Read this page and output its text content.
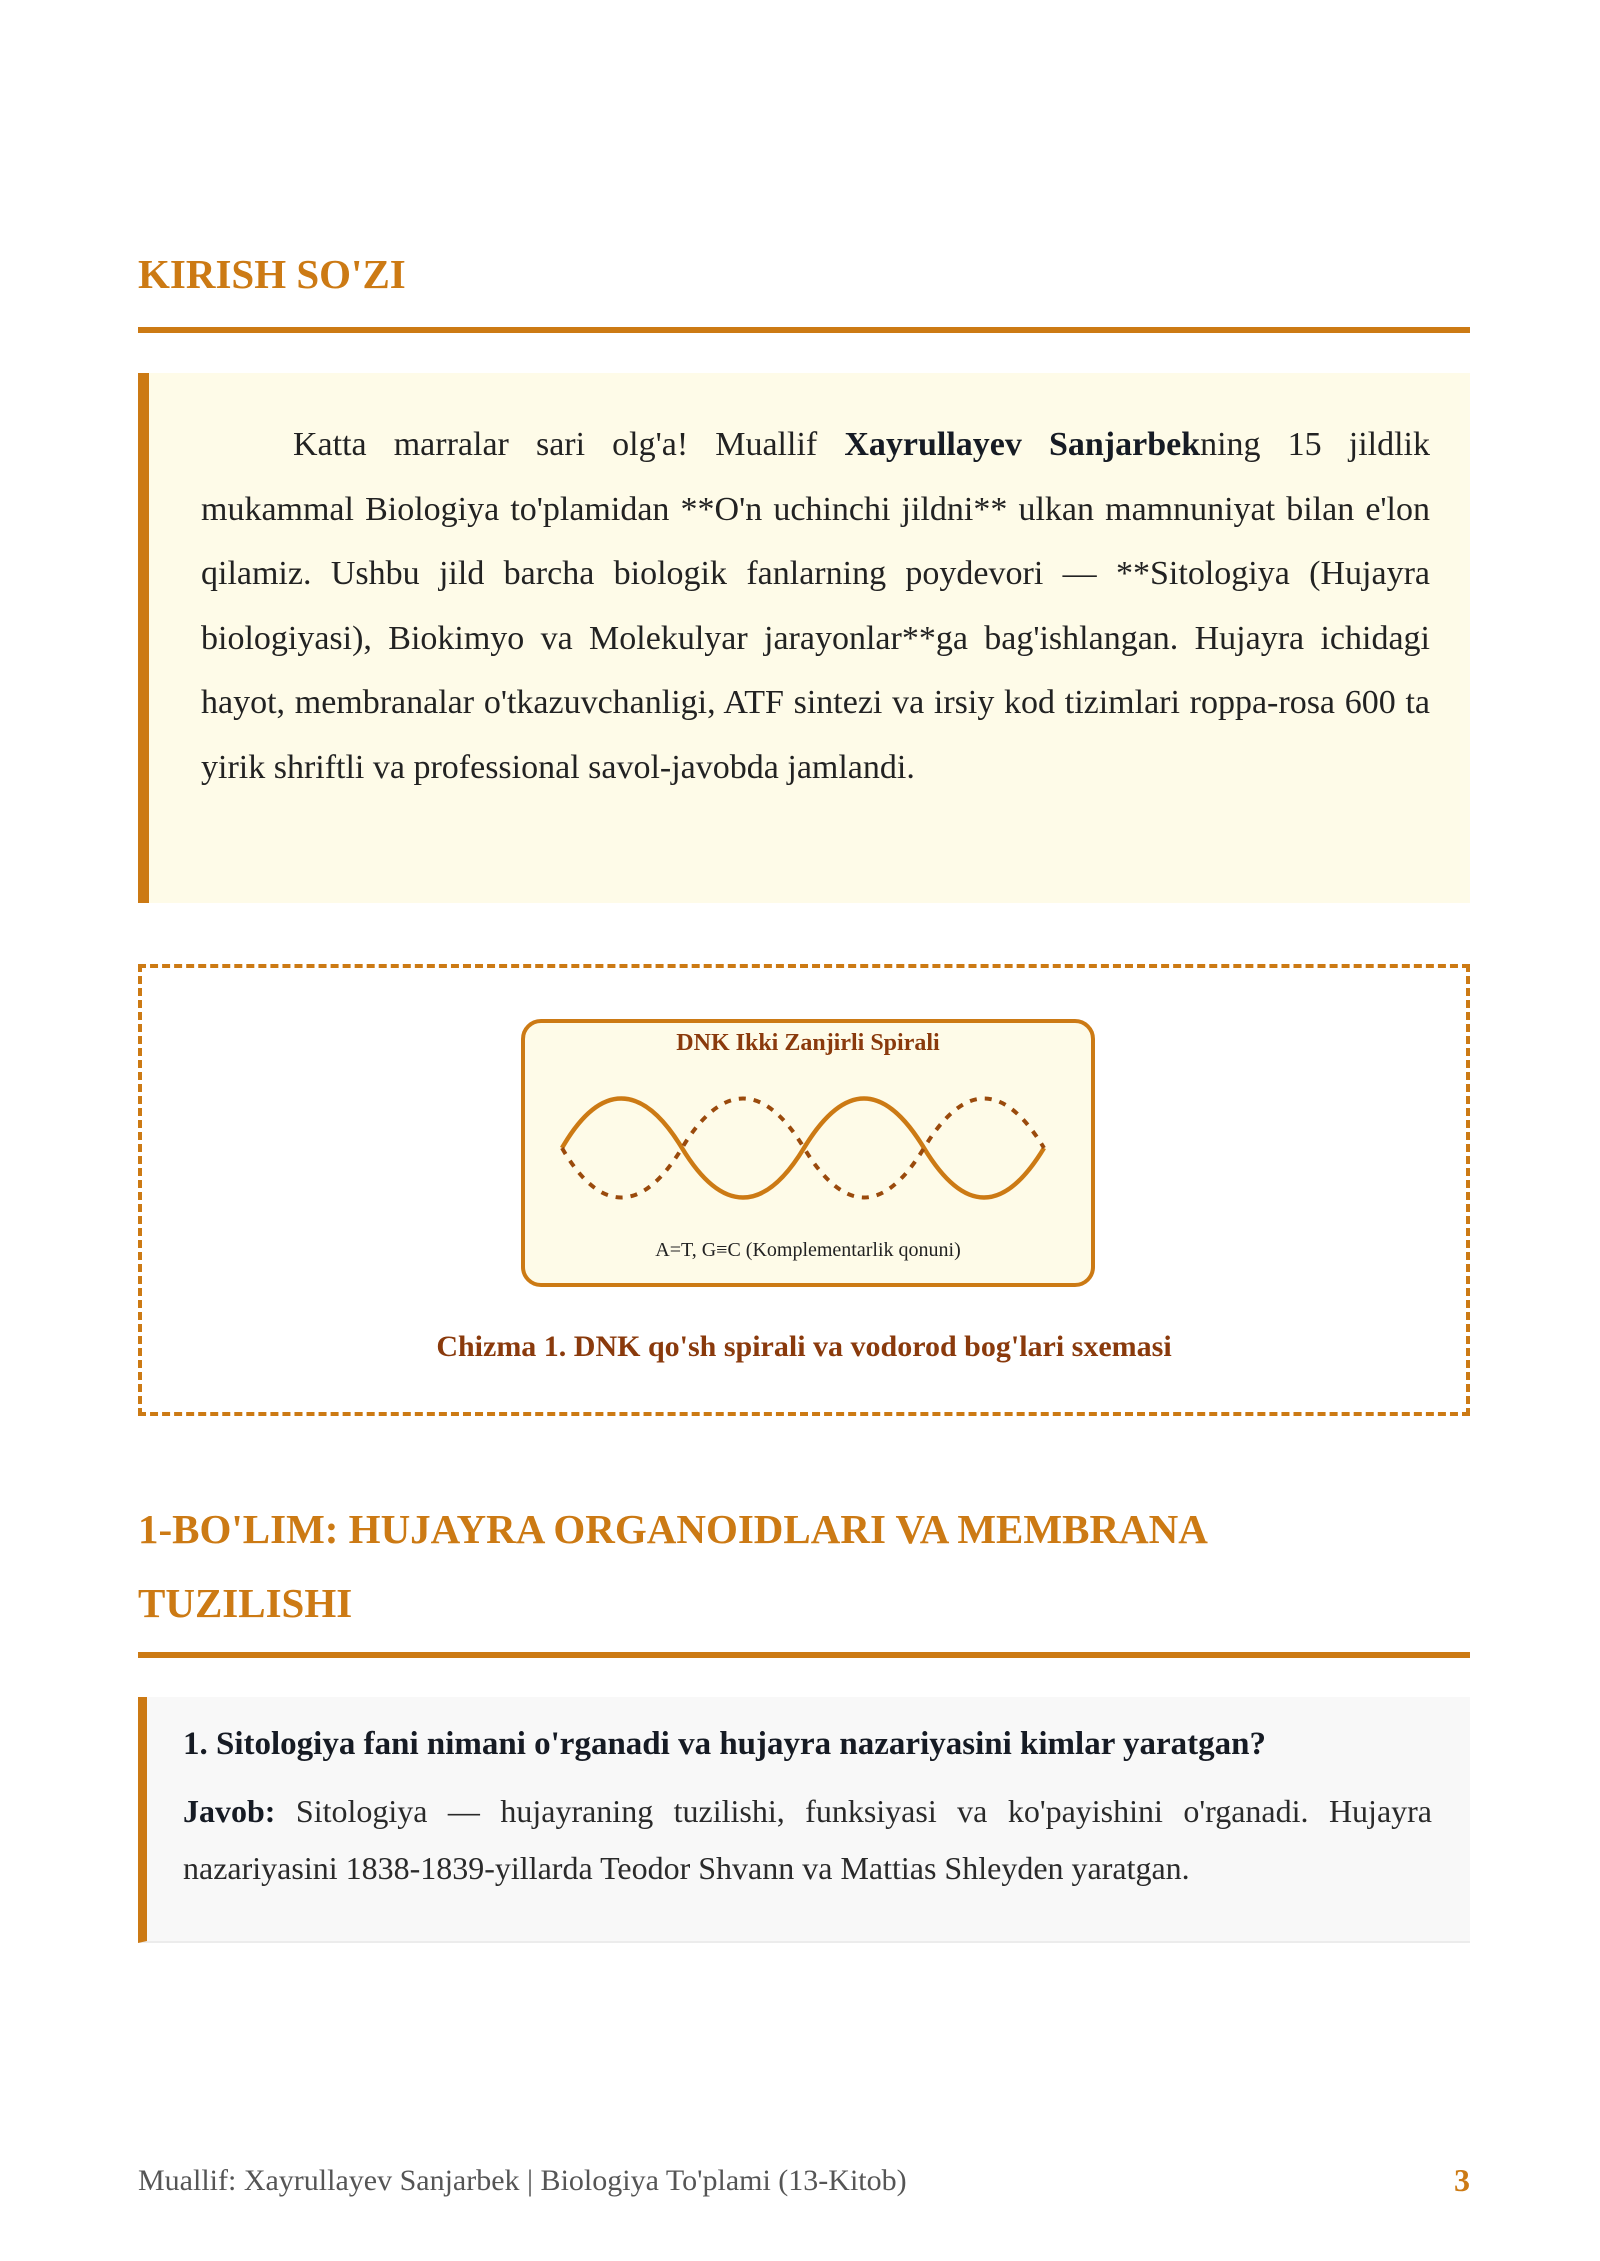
KIRISH SO'ZI
Katta marralar sari olg'a! Muallif Xayrullayev Sanjarbekning 15 jildlik mukammal Biologiya to'plamidan **O'n uchinchi jildni** ulkan mamnuniyat bilan e'lon qilamiz. Ushbu jild barcha biologik fanlarning poydevori — **Sitologiya (Hujayra biologiyasi), Biokimyo va Molekulyar jarayonlar**ga bag'ishlangan. Hujayra ichidagi hayot, membranalar o'tkazuvchanligi, ATF sintezi va irsiy kod tizimlari roppa-rosa 600 ta yirik shriftli va professional savol-javobda jamlandi.
DNK Ikki Zanjirli Spirali
A=T, G≡C (Komplementarlik qonuni)
Chizma 1. DNK qo'sh spirali va vodorod bog'lari sxemasi
1-BO'LIM: HUJAYRA ORGANOIDLARI VA MEMBRANA
TUZILISHI
1. Sitologiya fani nimani o'rganadi va hujayra nazariyasini kimlar yaratgan?
Javob: Sitologiya — hujayraning tuzilishi, funksiyasi va ko'payishini o'rganadi. Hujayra nazariyasini 1838-1839-yillarda Teodor Shvann va Mattias Shleyden yaratgan.
Muallif: Xayrullayev Sanjarbek | Biologiya To'plami (13-Kitob)	3
